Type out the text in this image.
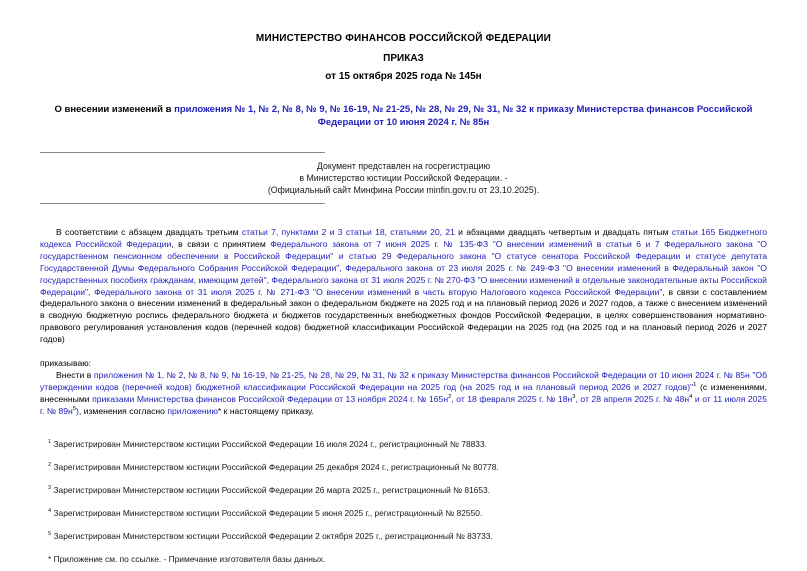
МИНИСТЕРСТВО ФИНАНСОВ РОССИЙСКОЙ ФЕДЕРАЦИИ
ПРИКАЗ
от 15 октября 2025 года № 145н
О внесении изменений в приложения № 1, № 2, № 8, № 9, № 16-19, № 21-25, № 28, № 29, № 31, № 32 к приказу Министерства финансов Российской Федерации от 10 июня 2024 г. № 85н
Документ представлен на госрегистрацию
в Министерство юстиции Российской Федерации. -
(Официальный сайт Минфина России minfin.gov.ru от 23.10.2025).
В соответствии с абзацем двадцать третьим статьи 7, пунктами 2 и 3 статьи 18, статьями 20, 21 и абзацами двадцать четвертым и двадцать пятым статьи 165 Бюджетного кодекса Российской Федерации, в связи с принятием Федерального закона от 7 июня 2025 г. № 135-ФЗ "О внесении изменений в статьи 6 и 7 Федерального закона "О государственном пенсионном обеспечении в Российской Федерации" и статью 29 Федерального закона "О статусе сенатора Российской Федерации и статусе депутата Государственной Думы Федерального Собрания Российской Федерации", Федерального закона от 23 июля 2025 г. № 249-ФЗ "О внесении изменений в Федеральный закон "О государственных пособиях гражданам, имеющим детей", Федерального закона от 31 июля 2025 г. № 270-ФЗ "О внесении изменений в отдельные законодательные акты Российской Федерации", Федерального закона от 31 июля 2025 г. № 271-ФЗ "О внесении изменений в часть вторую Налогового кодекса Российской Федерации", в связи с составлением федерального закона о внесении изменений в федеральный закон о федеральном бюджете на 2025 год и на плановый период 2026 и 2027 годов, а также с внесением изменений в сводную бюджетную роспись федерального бюджета и бюджетов государственных внебюджетных фондов Российской Федерации, в целях совершенствования нормативно-правового регулирования установления кодов (перечней кодов) бюджетной классификации Российской Федерации на 2025 год (на 2025 год и на плановый период 2026 и 2027 годов)
приказываю:
Внести в приложения № 1, № 2, № 8, № 9, № 16-19, № 21-25, № 28, № 29, № 31, № 32 к приказу Министерства финансов Российской Федерации от 10 июня 2024 г. № 85н "Об утверждении кодов (перечней кодов) бюджетной классификации Российской Федерации на 2025 год (на 2025 год и на плановый период 2026 и 2027 годов)"$^1$ (с изменениями, внесенными приказами Министерства финансов Российской Федерации от 13 ноября 2024 г. № $165н^2$, от 18 февраля 2025 г. № $18н^3$, от 28 апреля 2025 г. № $48н^4$ и от 11 июля 2025 г. № $89н^5$), изменения согласно приложению* к настоящему приказу.
$^1$ Зарегистрирован Министерством юстиции Российской Федерации 16 июля 2024 г., регистрационный № 78833.
$^2$ Зарегистрирован Министерством юстиции Российской Федерации 25 декабря 2024 г., регистрационный № 80778.
$^3$ Зарегистрирован Министерством юстиции Российской Федерации 26 марта 2025 г., регистрационный № 81653.
$^4$ Зарегистрирован Министерством юстиции Российской Федерации 5 июня 2025 г., регистрационный № 82550.
$^5$ Зарегистрирован Министерством юстиции Российской Федерации 2 октября 2025 г., регистрационный № 83733.
* Приложение см. по ссылке. - Примечание изготовителя базы данных.
